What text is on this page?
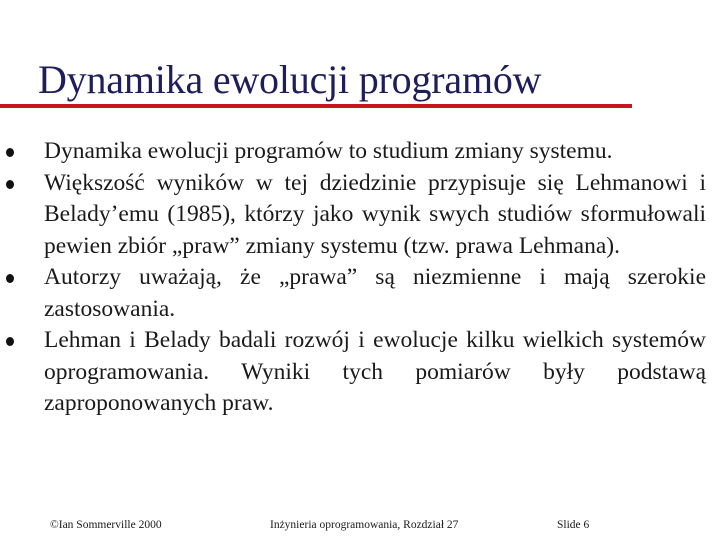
Dynamika ewolucji programów
Dynamika ewolucji programów to studium zmiany systemu.
Większość wyników w tej dziedzinie przypisuje się Lehmanowi i Belady’emu (1985), którzy jako wynik swych studiów sformułowali pewien zbiór „praw” zmiany systemu (tzw. prawa Lehmana).
Autorzy uważają, że „prawa” są niezmienne i mają szerokie zastosowania.
Lehman i Belady badali rozwój i ewolucje kilku wielkich systemów oprogramowania. Wyniki tych pomiarów były podstawą zaproponowanych praw.
©Ian Sommerville 2000	Inżynieria oprogramowania, Rozdział 27	Slide 6
